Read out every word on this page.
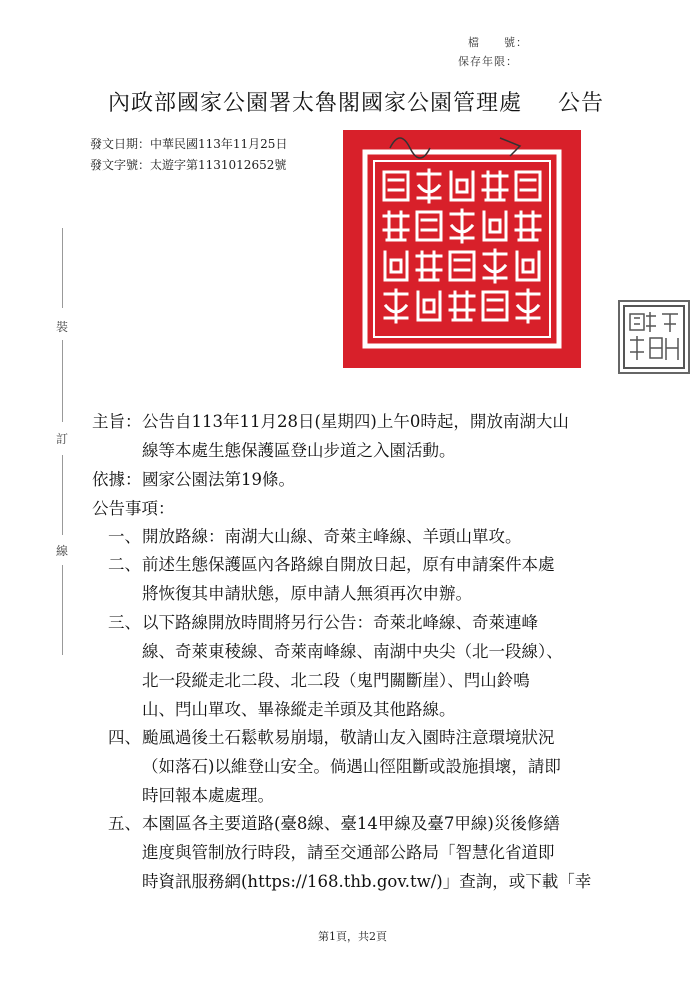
檔　　號：
保存年限：
內政部國家公園署太魯閣國家公園管理處 公告
發文日期：中華民國113年11月25日
發文字號：太遊字第1131012652號
裝
訂
線
主旨： 公告自113年11月28日(星期四)上午0時起，開放南湖大山
線等本處生態保護區登山步道之入園活動。
依據： 國家公園法第19條。
公告事項：
一、 開放路線：南湖大山線、奇萊主峰線、羊頭山單攻。
二、 前述生態保護區內各路線自開放日起，原有申請案件本處
將恢復其申請狀態，原申請人無須再次申辦。
三、 以下路線開放時間將另行公告：奇萊北峰線、奇萊連峰
線、奇萊東稜線、奇萊南峰線、南湖中央尖（北一段線）、
北一段縱走北二段、北二段（鬼門關斷崖）、閂山鈴鳴
山、閂山單攻、畢祿縱走羊頭及其他路線。
四、 颱風過後土石鬆軟易崩塌，敬請山友入園時注意環境狀況
（如落石)以維登山安全。倘遇山徑阻斷或設施損壞，請即
時回報本處處理。
五、 本園區各主要道路(臺8線、臺14甲線及臺7甲線)災後修繕
進度與管制放行時段，請至交通部公路局「智慧化省道即
時資訊服務網(https://168.thb.gov.tw/)」查詢，或下載「幸
第1頁，共2頁
